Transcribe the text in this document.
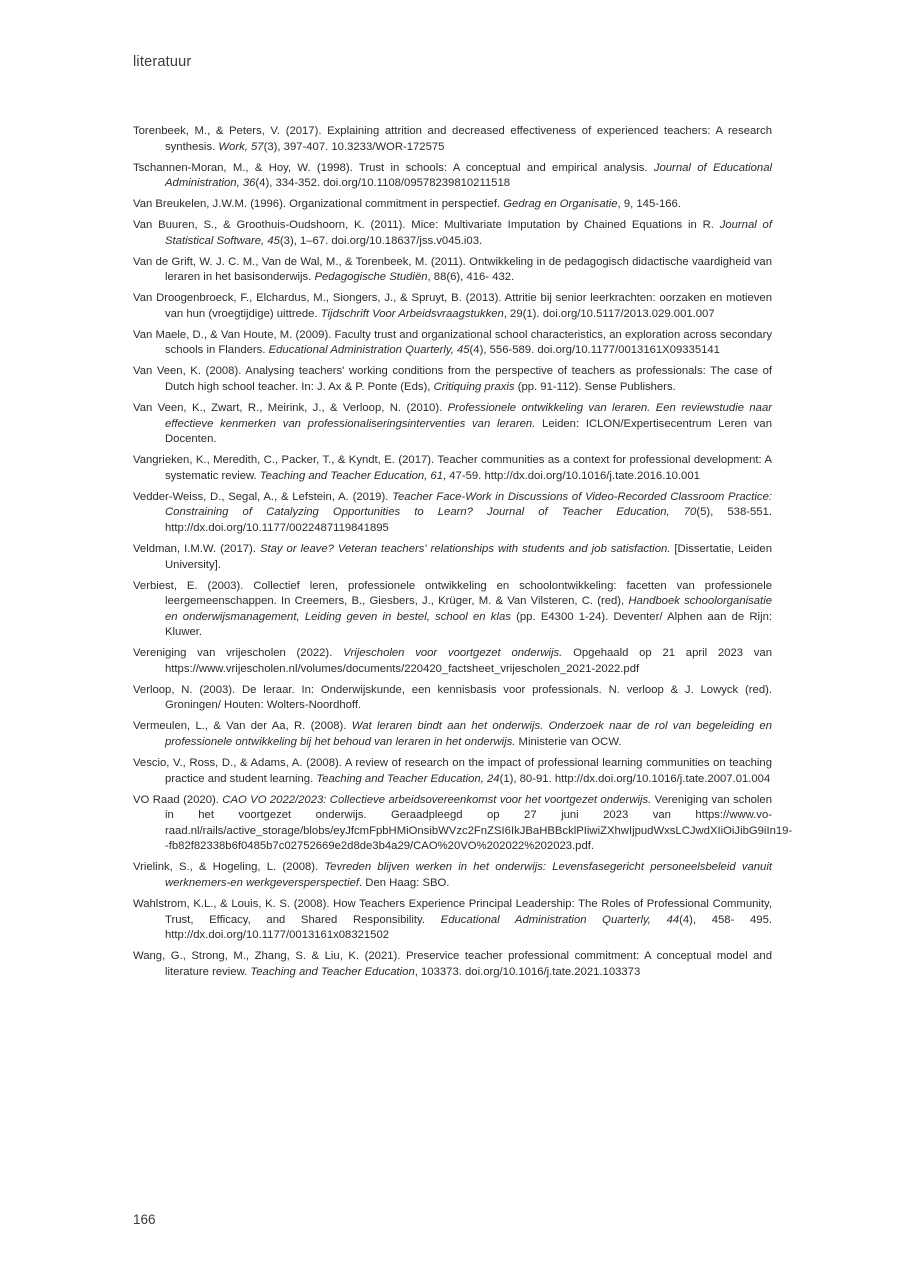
literatuur
Torenbeek, M., & Peters, V. (2017). Explaining attrition and decreased effectiveness of experienced teachers: A research synthesis. Work, 57(3), 397-407. 10.3233/WOR-172575
Tschannen-Moran, M., & Hoy, W. (1998). Trust in schools: A conceptual and empirical analysis. Journal of Educational Administration, 36(4), 334-352. doi.org/10.1108/09578239810211518
Van Breukelen, J.W.M. (1996). Organizational commitment in perspectief. Gedrag en Organisatie, 9, 145-166.
Van Buuren, S., & Groothuis-Oudshoorn, K. (2011). Mice: Multivariate Imputation by Chained Equations in R. Journal of Statistical Software, 45(3), 1–67. doi.org/10.18637/jss.v045.i03.
Van de Grift, W. J. C. M., Van de Wal, M., & Torenbeek, M. (2011). Ontwikkeling in de pedagogisch didactische vaardigheid van leraren in het basisonderwijs. Pedagogische Studiën, 88(6), 416- 432.
Van Droogenbroeck, F., Elchardus, M., Siongers, J., & Spruyt, B. (2013). Attritie bij senior leerkrachten: oorzaken en motieven van hun (vroegtijdige) uittrede. Tijdschrift Voor Arbeidsvraagstukken, 29(1). doi.org/10.5117/2013.029.001.007
Van Maele, D., & Van Houte, M. (2009). Faculty trust and organizational school characteristics, an exploration across secondary schools in Flanders. Educational Administration Quarterly, 45(4), 556-589. doi.org/10.1177/0013161X09335141
Van Veen, K. (2008). Analysing teachers' working conditions from the perspective of teachers as professionals: The case of Dutch high school teacher. In: J. Ax & P. Ponte (Eds), Critiquing praxis (pp. 91-112). Sense Publishers.
Van Veen, K., Zwart, R., Meirink, J., & Verloop, N. (2010). Professionele ontwikkeling van leraren. Een reviewstudie naar effectieve kenmerken van professionaliseringsinterventies van leraren. Leiden: ICLON/Expertisecentrum Leren van Docenten.
Vangrieken, K., Meredith, C., Packer, T., & Kyndt, E. (2017). Teacher communities as a context for professional development: A systematic review. Teaching and Teacher Education, 61, 47-59. http://dx.doi.org/10.1016/j.tate.2016.10.001
Vedder-Weiss, D., Segal, A., & Lefstein, A. (2019). Teacher Face-Work in Discussions of Video-Recorded Classroom Practice: Constraining of Catalyzing Opportunities to Learn? Journal of Teacher Education, 70(5), 538-551. http://dx.doi.org/10.1177/0022487119841895
Veldman, I.M.W. (2017). Stay or leave? Veteran teachers' relationships with students and job satisfaction. [Dissertatie, Leiden University].
Verbiest, E. (2003). Collectief leren, professionele ontwikkeling en schoolontwikkeling: facetten van professionele leergemeenschappen. In Creemers, B., Giesbers, J., Krüger, M. & Van Vilsteren, C. (red), Handboek schoolorganisatie en onderwijsmanagement, Leiding geven in bestel, school en klas (pp. E4300 1-24). Deventer/ Alphen aan de Rijn: Kluwer.
Vereniging van vrijescholen (2022). Vrijescholen voor voortgezet onderwijs. Opgehaald op 21 april 2023 van https://www.vrijescholen.nl/volumes/documents/220420_factsheet_vrijescholen_2021-2022.pdf
Verloop, N. (2003). De leraar. In: Onderwijskunde, een kennisbasis voor professionals. N. verloop & J. Lowyck (red). Groningen/ Houten: Wolters-Noordhoff.
Vermeulen, L., & Van der Aa, R. (2008). Wat leraren bindt aan het onderwijs. Onderzoek naar de rol van begeleiding en professionele ontwikkeling bij het behoud van leraren in het onderwijs. Ministerie van OCW.
Vescio, V., Ross, D., & Adams, A. (2008). A review of research on the impact of professional learning communities on teaching practice and student learning. Teaching and Teacher Education, 24(1), 80-91. http://dx.doi.org/10.1016/j.tate.2007.01.004
VO Raad (2020). CAO VO 2022/2023: Collectieve arbeidsovereenkomst voor het voortgezet onderwijs. Vereniging van scholen in het voortgezet onderwijs. Geraadpleegd op 27 juni 2023 van https://www.vo-raad.nl/rails/active_storage/blobs/eyJfcmFpbHMiOnsibWVzc2FnZSI6IkJBaHBBcklPIiwiZXhwIjpudWxsLCJwdXIiOiJibG9iIn19--fb82f82338b6f0485b7c02752669e2d8de3b4a29/CAO%20VO%202022%202023.pdf.
Vrielink, S., & Hogeling, L. (2008). Tevreden blijven werken in het onderwijs: Levensfasegericht personeelsbeleid vanuit werknemers-en werkgeversperspectief. Den Haag: SBO.
Wahlstrom, K.L., & Louis, K. S. (2008). How Teachers Experience Principal Leadership: The Roles of Professional Community, Trust, Efficacy, and Shared Responsibility. Educational Administration Quarterly, 44(4), 458- 495. http://dx.doi.org/10.1177/0013161x08321502
Wang, G., Strong, M., Zhang, S. & Liu, K. (2021). Preservice teacher professional commitment: A conceptual model and literature review. Teaching and Teacher Education, 103373. doi.org/10.1016/j.tate.2021.103373
166
